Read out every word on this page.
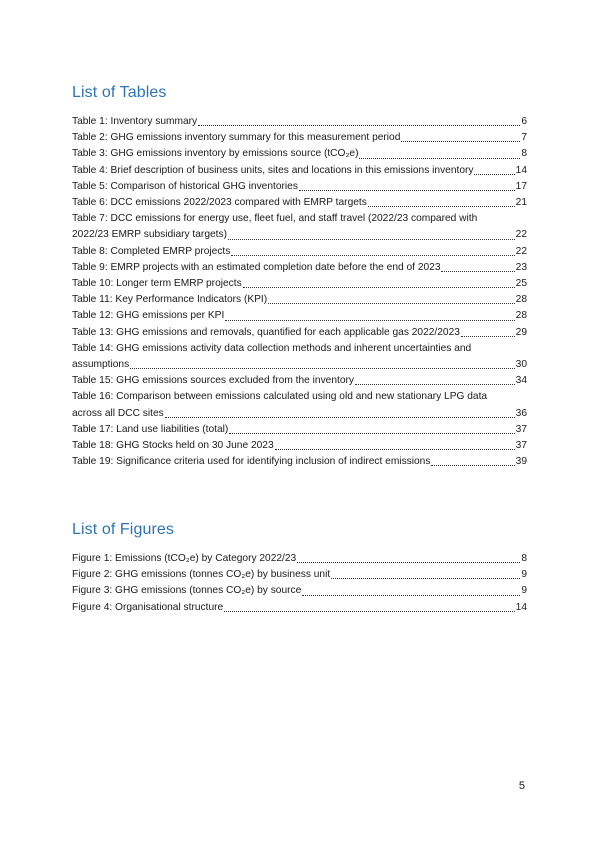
List of Tables
Table 1: Inventory summary	6
Table 2: GHG emissions inventory summary for this measurement period	7
Table 3: GHG emissions inventory by emissions source (tCO₂e)	8
Table 4: Brief description of business units, sites and locations in this emissions inventory	14
Table 5: Comparison of historical GHG inventories	17
Table 6: DCC emissions 2022/2023 compared with EMRP targets	21
Table 7: DCC emissions for energy use, fleet fuel, and staff travel (2022/23 compared with
2022/23 EMRP subsidiary targets)	22
Table 8: Completed EMRP projects	22
Table 9: EMRP projects with an estimated completion date before the end of 2023	23
Table 10: Longer term EMRP projects	25
Table 11: Key Performance Indicators (KPI)	28
Table 12: GHG emissions per KPI	28
Table 13: GHG emissions and removals, quantified for each applicable gas 2022/2023	29
Table 14: GHG emissions activity data collection methods and inherent uncertainties and
assumptions	30
Table 15: GHG emissions sources excluded from the inventory	34
Table 16: Comparison between emissions calculated using old and new stationary LPG data
across all DCC sites	36
Table 17: Land use liabilities (total)	37
Table 18: GHG Stocks held on 30 June 2023	37
Table 19: Significance criteria used for identifying inclusion of indirect emissions	39
List of Figures
Figure 1: Emissions (tCO₂e) by Category 2022/23	8
Figure 2: GHG emissions (tonnes CO₂e) by business unit	9
Figure 3: GHG emissions (tonnes CO₂e) by source	9
Figure 4: Organisational structure	14
5
